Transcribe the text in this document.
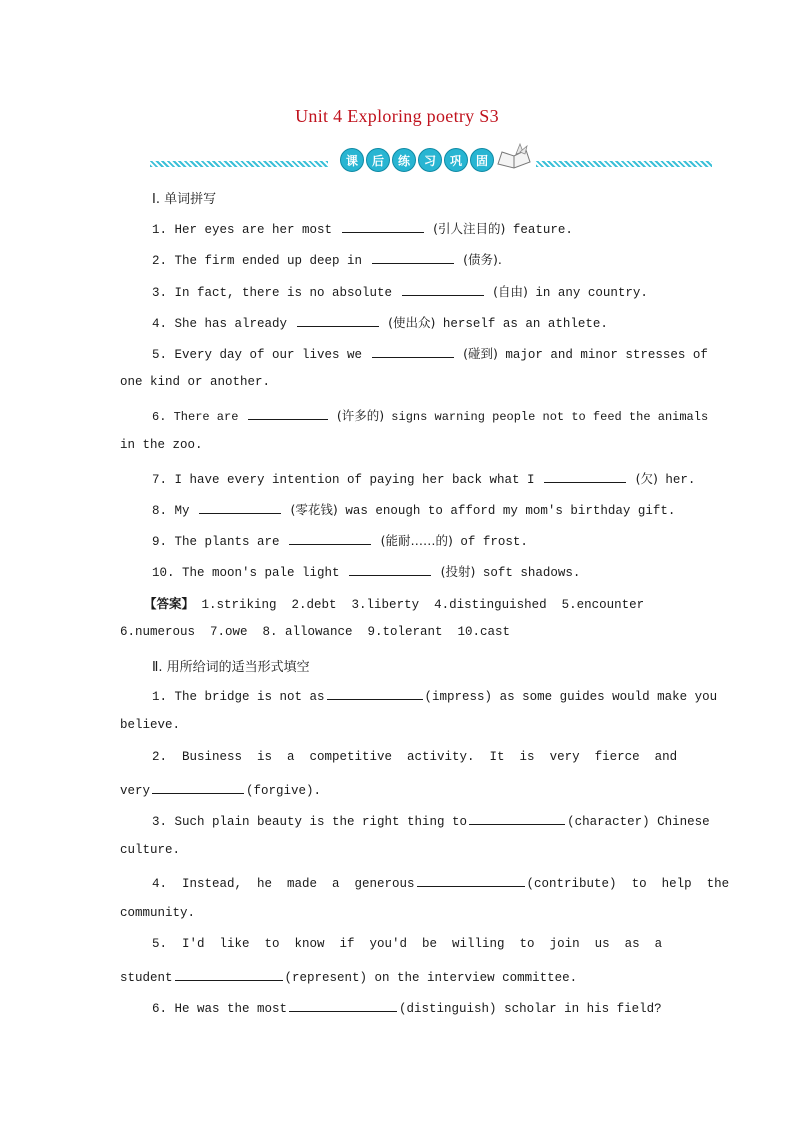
Unit 4 Exploring poetry S3
课	后	练	习	巩	固
Ⅰ. 单词拼写
1. Her eyes are her most	(引人注目的) feature.
2. The firm ended up deep in	(债务).
3. In fact, there is no absolute	(自由) in any country.
4. She has already	(使出众) herself as an athlete.
5. Every day of our lives we	(碰到) major and minor stresses of
one kind or another.
6. There are	(许多的) signs warning people not to feed the animals
in the zoo.
7. I have every intention of paying her back what I	(欠) her.
8. My	(零花钱) was enough to afford my mom's birthday gift.
9. The plants are	(能耐……的) of frost.
10. The moon's pale light	(投射) soft shadows.
【答案】 1.striking  2.debt  3.liberty  4.distinguished  5.encounter
6.numerous  7.owe  8. allowance  9.tolerant  10.cast
Ⅱ. 用所给词的适当形式填空
1. The bridge is not as	(impress) as some guides would make you
believe.
2.  Business  is  a  competitive  activity.  It  is  very  fierce  and
very	(forgive).
3. Such plain beauty is the right thing to	(character) Chinese
culture.
4.  Instead,  he  made  a  generous	(contribute) to  help  the
community.
5.  I'd  like  to  know  if  you'd  be  willing  to  join  us  as  a
student	(represent) on the interview committee.
6. He was the most	(distinguish) scholar in his field?
